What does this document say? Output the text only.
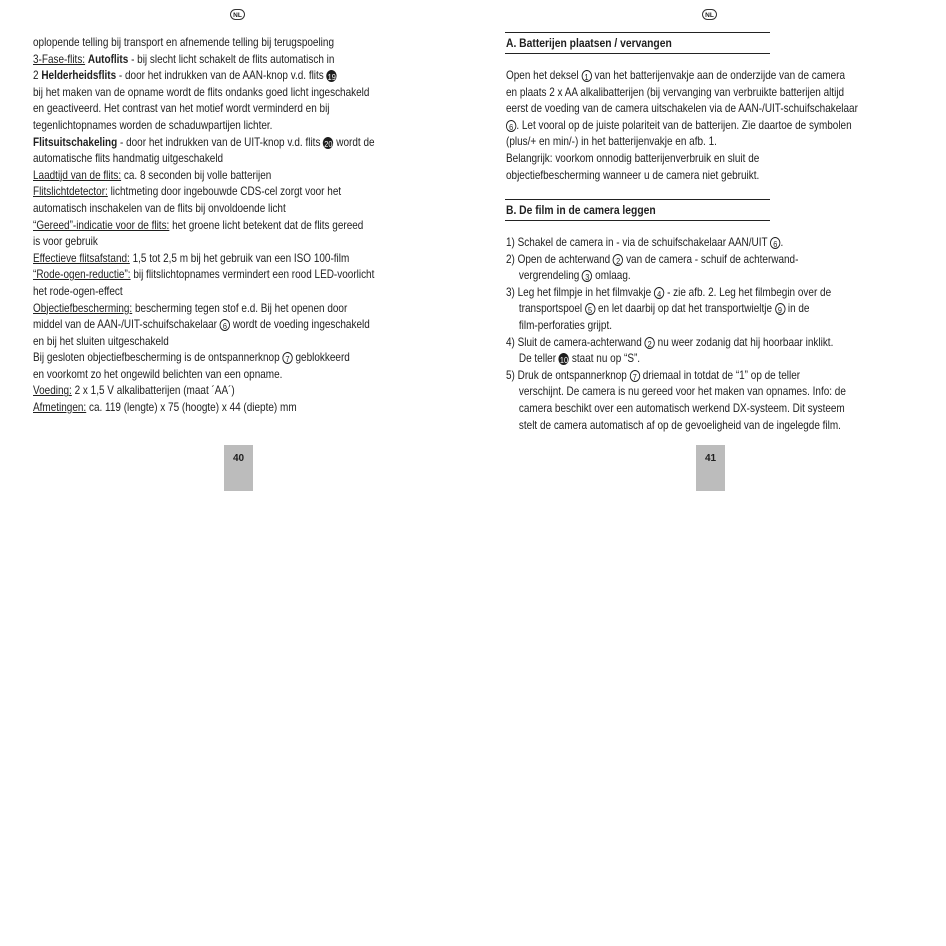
NL
oplopende telling bij transport en afnemende telling bij terugspoeling
3-Fase-flits: Autoflits - bij slecht licht schakelt de flits automatisch in
2 Helderheidsflits - door het indrukken van de AAN-knop v.d. flits 19
bij het maken van de opname wordt de flits ondanks goed licht ingeschakeld
en geactiveerd. Het contrast van het motief wordt verminderd en bij
tegenlichtopnames worden de schaduwpartijen lichter.
Flitsuitschakeling - door het indrukken van de UIT-knop v.d. flits 20 wordt de
automatische flits handmatig uitgeschakeld
Laadtijd van de flits: ca. 8 seconden bij volle batterijen
Flitslichtdetector: lichtmeting door ingebouwde CDS-cel zorgt voor het
automatisch inschakelen van de flits bij onvoldoende licht
“Gereed”-indicatie voor de flits: het groene licht betekent dat de flits gereed
is voor gebruik
Effectieve flitsafstand: 1,5 tot 2,5 m bij het gebruik van een ISO 100-film
“Rode-ogen-reductie”: bij flitslichtopnames vermindert een rood LED-voorlicht
het rode-ogen-effect
Objectiefbescherming: bescherming tegen stof e.d. Bij het openen door
middel van de AAN-/UIT-schuifschakelaar 6 wordt de voeding ingeschakeld
en bij het sluiten uitgeschakeld
Bij gesloten objectiefbescherming is de ontspannerknop 7 geblokkeerd
en voorkomt zo het ongewild belichten van een opname.
Voeding: 2 x 1,5 V alkalibatterijen (maat ´AA´)
Afmetingen: ca. 119 (lengte) x 75 (hoogte) x 44 (diepte) mm
40
NL
A. Batterijen plaatsen / vervangen
Open het deksel 1 van het batterijenvakje aan de onderzijde van de camera
en plaats 2 x AA alkalibatterijen (bij vervanging van verbruikte batterijen altijd
eerst de voeding van de camera uitschakelen via de AAN-/UIT-schuifschakelaar
6 . Let vooral op de juiste polariteit van de batterijen. Zie daartoe de symbolen
(plus/+ en min/-) in het batterijenvakje en afb. 1.
Belangrijk: voorkom onnodig batterijenverbruik en sluit de
objectiefbescherming wanneer u de camera niet gebruikt.
B. De film in de camera leggen
1) Schakel de camera in - via de schuifschakelaar AAN/UIT 6 .
2) Open de achterwand 2 van de camera - schuif de achterwand-
vergrendeling 3 omlaag.
3) Leg het filmpje in het filmvakje 4 - zie afb. 2. Leg het filmbegin over de
transportspoel 5 en let daarbij op dat het transportwieltje 9 in de
film-perforaties grijpt.
4) Sluit de camera-achterwand 2 nu weer zodanig dat hij hoorbaar inklikt.
De teller 10 staat nu op “S”.
5) Druk de ontspannerknop 7 driemaal in totdat de “1” op de teller
verschijnt. De camera is nu gereed voor het maken van opnames. Info: de
camera beschikt over een automatisch werkend DX-systeem. Dit systeem
stelt de camera automatisch af op de gevoeligheid van de ingelegde film.
41
